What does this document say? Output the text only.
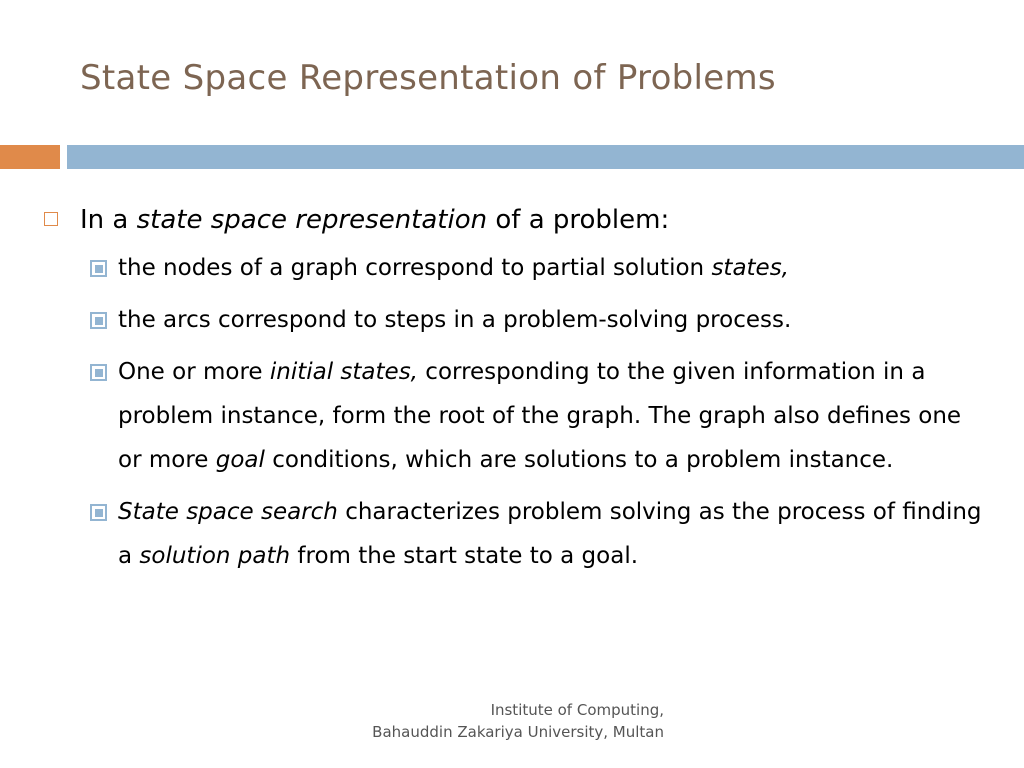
State Space Representation of Problems
In a state space representation of a problem:
the nodes of a graph correspond to partial solution states,
the arcs correspond to steps in a problem-solving process.
One or more initial states, corresponding to the given information in a problem instance, form the root of the graph. The graph also defines one or more goal conditions, which are solutions to a problem instance.
State space search characterizes problem solving as the process of finding a solution path from the start state to a goal.
Institute of Computing,
Bahauddin Zakariya University, Multan
